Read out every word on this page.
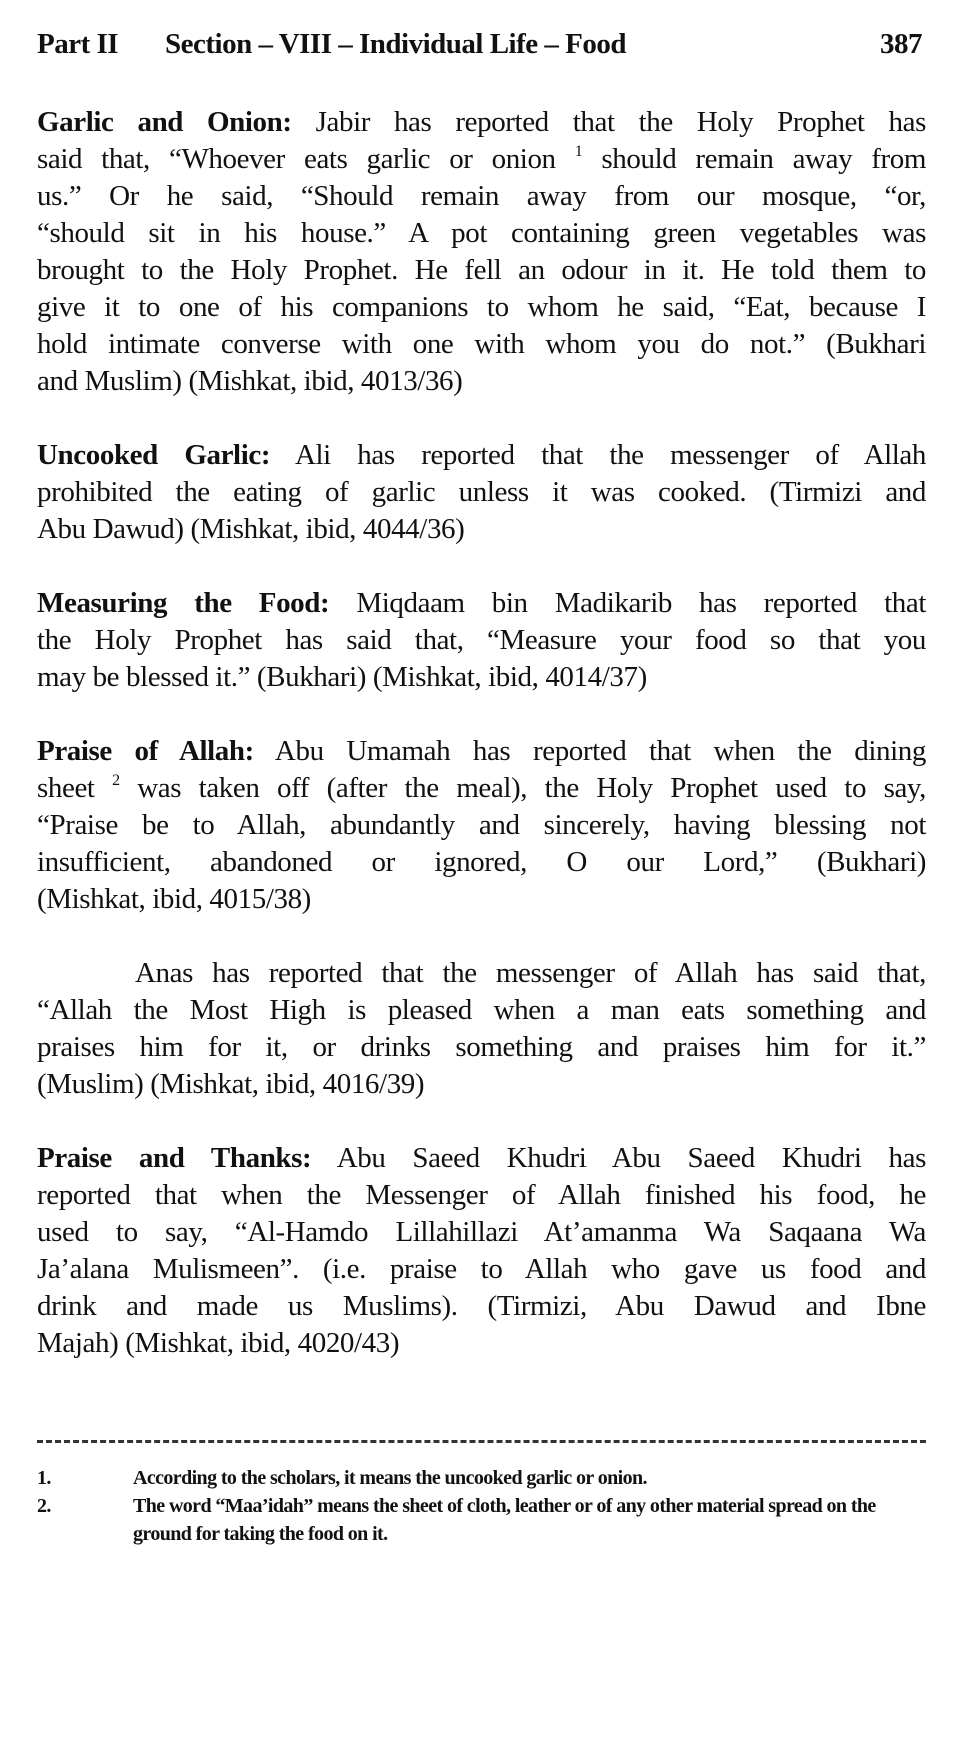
Part II Section – VIII – Individual Life – Food	387
Garlic and Onion: Jabir has reported that the Holy Prophet has
said that, “Whoever eats garlic or onion $^1$ should remain away from
us.” Or he said, “Should remain away from our mosque, “or,
“should sit in his house.” A pot containing green vegetables was
brought to the Holy Prophet. He fell an odour in it. He told them to
give it to one of his companions to whom he said, “Eat, because I
hold intimate converse with one with whom you do not.” (Bukhari
and Muslim) (Mishkat, ibid, 4013/36)
Uncooked Garlic: Ali has reported that the messenger of Allah
prohibited the eating of garlic unless it was cooked. (Tirmizi and
Abu Dawud) (Mishkat, ibid, 4044/36)
Measuring the Food: Miqdaam bin Madikarib has reported that
the Holy Prophet has said that, “Measure your food so that you
may be blessed it.” (Bukhari) (Mishkat, ibid, 4014/37)
Praise of Allah: Abu Umamah has reported that when the dining
sheet $^2$ was taken off (after the meal), the Holy Prophet used to say,
“Praise be to Allah, abundantly and sincerely, having blessing not
insufficient, abandoned or ignored, O our Lord,” (Bukhari)
(Mishkat, ibid, 4015/38)
Anas has reported that the messenger of Allah has said that,
“Allah the Most High is pleased when a man eats something and
praises him for it, or drinks something and praises him for it.”
(Muslim) (Mishkat, ibid, 4016/39)
Praise and Thanks: Abu Saeed Khudri Abu Saeed Khudri has
reported that when the Messenger of Allah finished his food, he
used to say, “Al-Hamdo Lillahillazi At’amanma Wa Saqaana Wa
Ja’alana Mulismeen”. (i.e. praise to Allah who gave us food and
drink and made us Muslims). (Tirmizi, Abu Dawud and Ibne
Majah) (Mishkat, ibid, 4020/43)
1.	According to the scholars, it means the uncooked garlic or onion.
2.	The word “Maa’idah” means the sheet of cloth, leather or of any other material spread on the ground for taking the food on it.
